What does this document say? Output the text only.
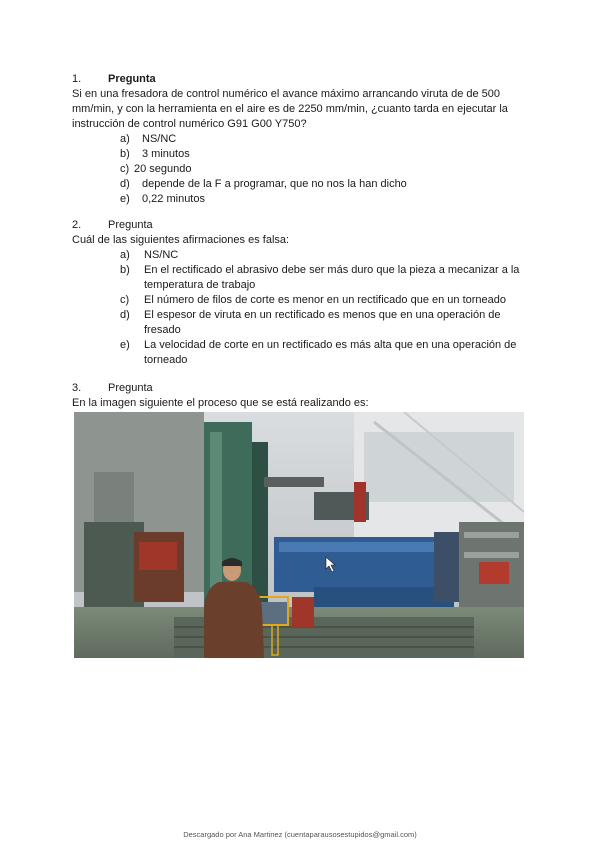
1.	Pregunta
Si en una fresadora de control numérico el avance máximo arrancando viruta de de 500 mm/min, y con la herramienta en el aire es de 2250 mm/min, ¿cuanto tarda en ejecutar la instrucción de control numérico G91 G00 Y750?
a)	NS/NC
b)	3 minutos
c) 20 segundo
d)	depende de la F a programar, que no nos la han dicho
e)	0,22 minutos
2.	Pregunta
Cuál de las siguientes afirmaciones es falsa:
a)	NS/NC
b)	En el rectificado el abrasivo debe ser más duro que la pieza a mecanizar a la temperatura de trabajo
c)	El número de filos de corte es menor en un rectificado que en un torneado
d)	El espesor de viruta en un rectificado es menos que en una operación de fresado
e)	La velocidad de corte en un rectificado es más alta que en una operación de torneado
3.	Pregunta
En la imagen siguiente el proceso que se está realizando es:
Descargado por Ana Martinez (cuentaparausosestupidos@gmail.com)
